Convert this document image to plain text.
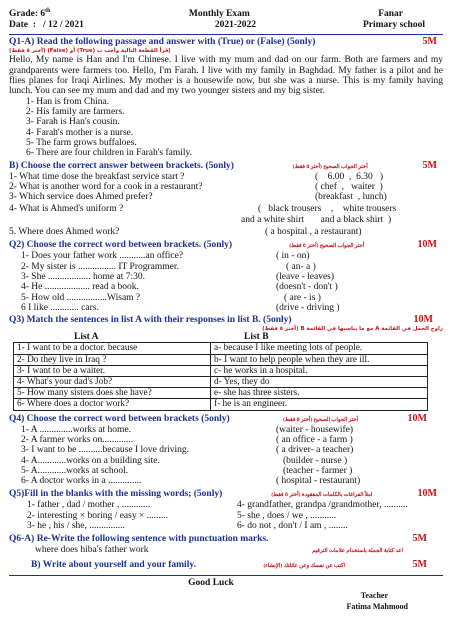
Grade: 6th	Monthly Exam	Fanar
Date  :   / 12 / 2021	2021-2022	Primary school
Q1-A) Read the following passage and answer with (True) or (False) (5only)	5M
إقرأ القطعة التالية وأجب ب (True) أو (False) (أختر ٥ فقط)
Hello, My name is Han and I'm Chinese. I live with my mum and dad on our farm. Both are farmers and my grandparents were farmers too. Hello, I'm Farah. I live with my family in Baghdad. My father is a pilot and he flies planes for Iraqi Airlines. My mother is a housewife now, but she was a nurse. This is my family having lunch. You can see my mum and dad and my two younger sisters and my big sister.
1- Han is from China.
2- His family are farmers.
3- Farah is Han's cousin.
4- Farah's mother is a nurse.
5- The farm grows buffaloes.
6- There are four children in Farah's family.
B) Choose the correct answer between brackets. (5only)	أختر الجواب الصحيح (أختر ٥ فقط)	5M
1- What time dose the breakfast service start ?	(    6.00  ,  6.30   )
2- What is another word for a cook in a restaurant?	( chef  ,   waiter  )
3- Which service does Ahmed prefer?	(breakfast  , lunch)
4- What is Ahmed's uniform ?	(   black trousers    ,    white trousers
and a white shirt       and a black shirt  )
5. Where does Ahmed work?	( a hospital , a restaurant)
Q2) Choose the correct word between brackets. (5only)	أختر الجواب الصحيح (أختر ٥ فقط)	10M
1- Does your father work ...........an office?	( in - on)
2- My sister is ................ IT Programmer.	( an- a )
3- She .................. home at 7:30.	(leave - leaves)
4- He ................... read a book.	(doesn't - don't )
5- How old .................Wisam ?	( are - is )
6 I like ............ cars.	(drive - driving )
Q3) Match the sentences in list A with their responses in list B. (5only)	10M
زاوج الجمل في القائمة A مع ما يناسبها في القائمة B (أختر ٥ فقط)
List A	List B
1- I want to be a doctor. because	a- because I like meeting lots of people.
2- Do they live in Iraq ?	b- I want to help people when they are ill.
3- I want to be a waiter.	c- he works in a hospital.
4- What's your dad's Job?	d- Yes, they do
5- How many sisters does she have?	e- she has three sisters.
6- Where does a doctor work?	f- he is an engineer.
Q4) Choose the correct word between brackets (5only)	أختر الجواب الصحيح (أختر ٥ فقط)	10M
1- A ..............works at home.	(waiter - housewife)
2- A farmer works on.............	( an office - a farm )
3- I want to be ..........because I love driving.	( a driver- a teacher)
4- A............works on a building site.	(builder - nurse )
5- A............works at school.	(teacher - farmer )
6- A doctor works in a ..............	( hospital - restaurant)
Q5)Fill in the blanks with the missing words; (5only)	املأ الفراغات بالكلمات المفقودة (أختر ٥ فقط)	10M
1- father , dad / mother , ............	4- grandfather, grandpa /grandmother, ..........
2- interesting × boring / easy × .........	5- she , does / we , ...........
3- he , his / she, ...............	6- do not , don't / I am , ........
Q6-A) Re-Write the following sentence with punctuation marks.	5M
where does hiba's father work	اعد كتابة الجملة باستخدام علامات الترقيم
B) Write about yourself and your family.	(الإنشاء) اكتب عن نفسك وعن عائلتك	5M
Good Luck
Teacher
Fatima Mahmood
